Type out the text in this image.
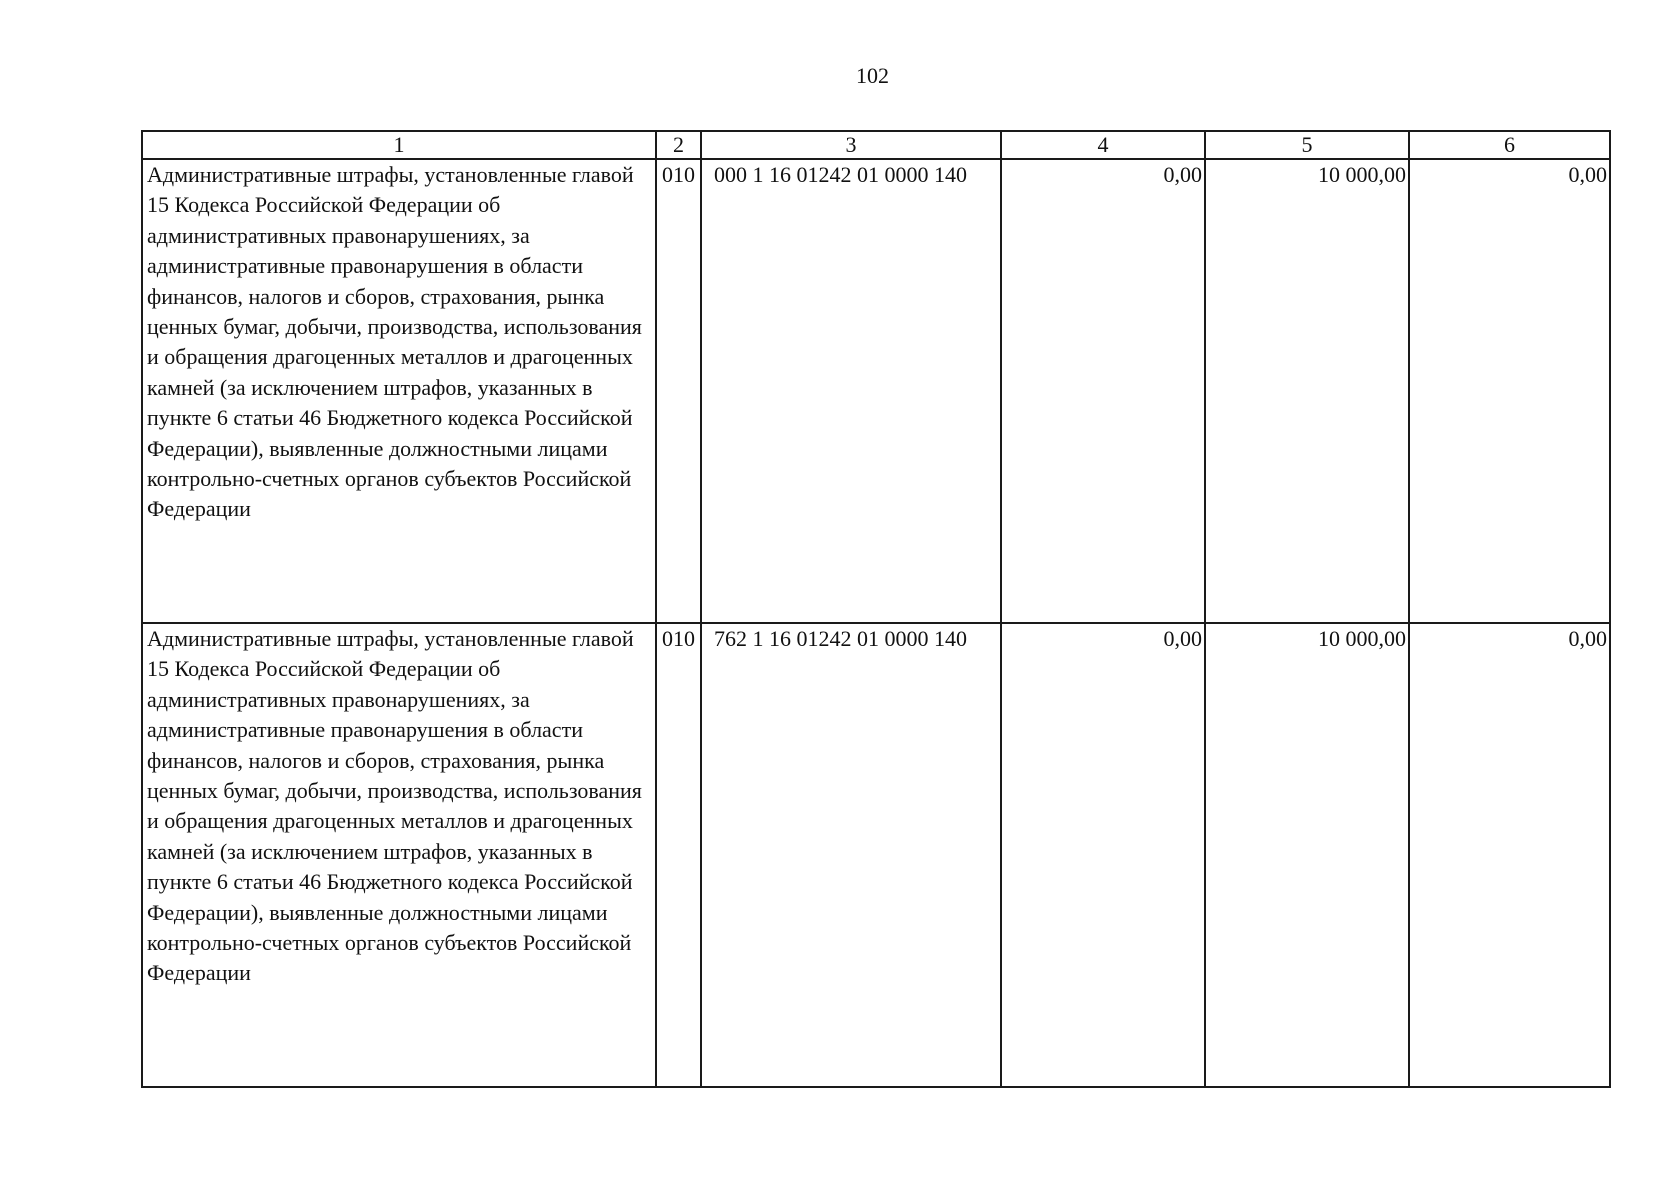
102
1	2	3	4	5	6
Административные штрафы, установленные главой 15 Кодекса Российской Федерации об административных правонарушениях, за административные правонарушения в области финансов, налогов и сборов, страхования, рынка ценных бумаг, добычи, производства, использования и обращения драгоценных металлов и драгоценных камней (за исключением штрафов, указанных в пункте 6 статьи 46 Бюджетного кодекса Российской Федерации), выявленные должностными лицами контрольно-счетных органов субъектов Российской Федерации	010	000 1 16 01242 01 0000 140	0,00	10 000,00	0,00
Административные штрафы, установленные главой 15 Кодекса Российской Федерации об административных правонарушениях, за административные правонарушения в области финансов, налогов и сборов, страхования, рынка ценных бумаг, добычи, производства, использования и обращения драгоценных металлов и драгоценных камней (за исключением штрафов, указанных в пункте 6 статьи 46 Бюджетного кодекса Российской Федерации), выявленные должностными лицами контрольно-счетных органов субъектов Российской Федерации	010	762 1 16 01242 01 0000 140	0,00	10 000,00	0,00
